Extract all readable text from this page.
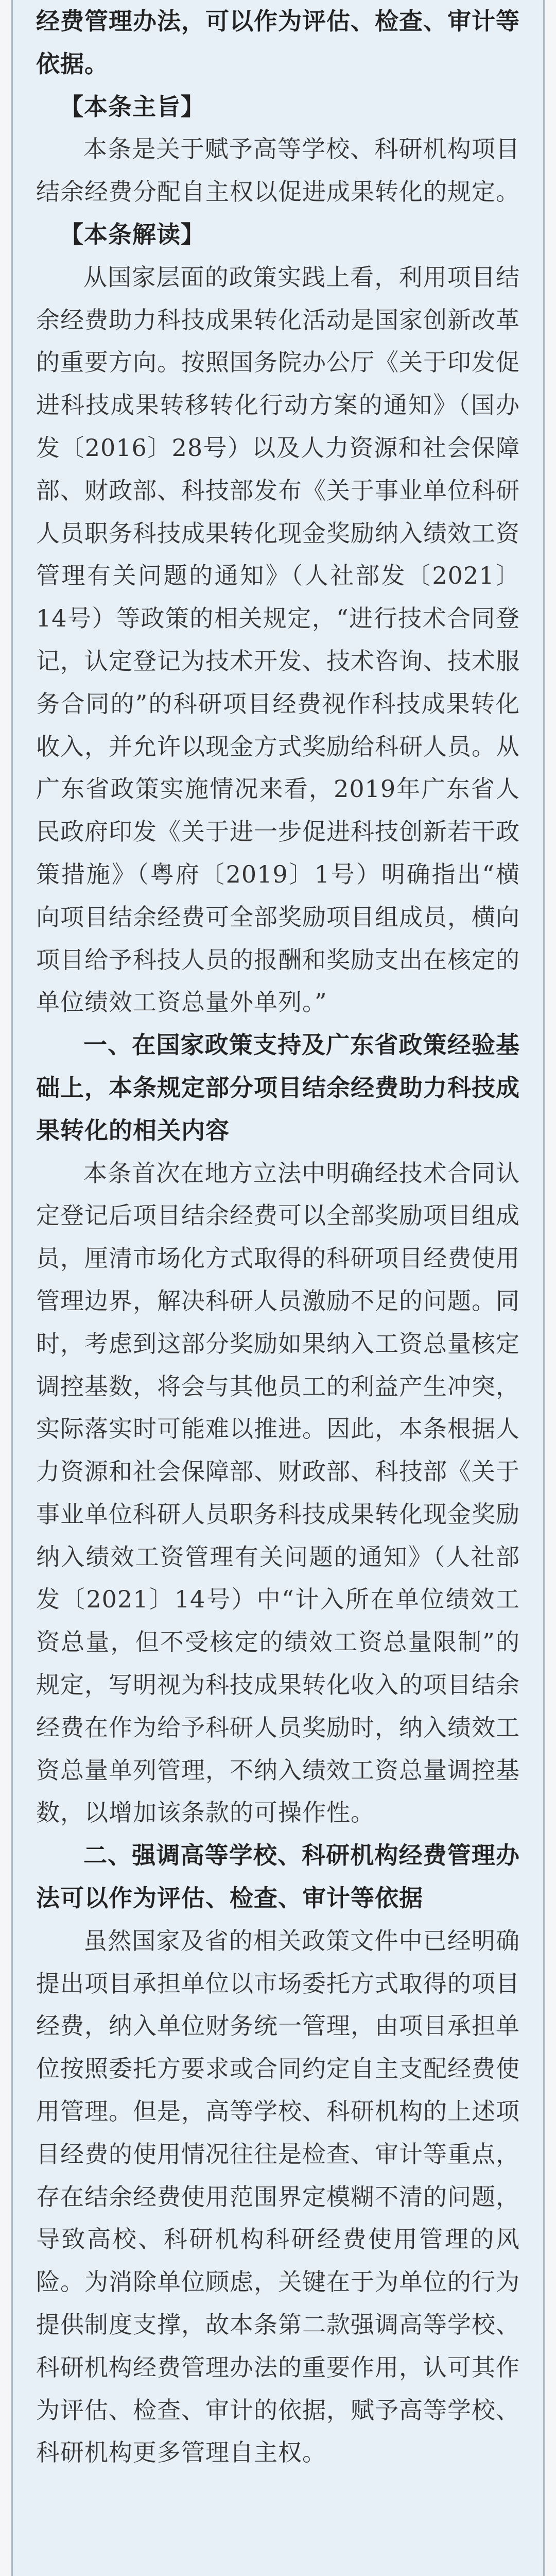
经费管理办法，可以作为评估、检查、审计等依据。

【本条主旨】

本条是关于赋予高等学校、科研机构项目结余经费分配自主权以促进成果转化的规定。

【本条解读】

从国家层面的政策实践上看，利用项目结余经费助力科技成果转化活动是国家创新改革的重要方向。按照国务院办公厅《关于印发促进科技成果转移转化行动方案的通知》（国办发〔2016〕28号）以及人力资源和社会保障部、财政部、科技部发布《关于事业单位科研人员职务科技成果转化现金奖励纳入绩效工资管理有关问题的通知》（人社部发〔2021〕14号）等政策的相关规定，“进行技术合同登记，认定登记为技术开发、技术咨询、技术服务合同的”的科研项目经费视作科技成果转化收入，并允许以现金方式奖励给科研人员。从广东省政策实施情况来看，2019年广东省人民政府印发《关于进一步促进科技创新若干政策措施》（粤府〔2019〕1号）明确指出“横向项目结余经费可全部奖励项目组成员，横向项目给予科技人员的报酬和奖励支出在核定的单位绩效工资总量外单列。”

一、在国家政策支持及广东省政策经验基础上，本条规定部分项目结余经费助力科技成果转化的相关内容

本条首次在地方立法中明确经技术合同认定登记后项目结余经费可以全部奖励项目组成员，厘清市场化方式取得的科研项目经费使用管理边界，解决科研人员激励不足的问题。同时，考虑到这部分奖励如果纳入工资总量核定调控基数，将会与其他员工的利益产生冲突，实际落实时可能难以推进。因此，本条根据人力资源和社会保障部、财政部、科技部《关于事业单位科研人员职务科技成果转化现金奖励纳入绩效工资管理有关问题的通知》（人社部发〔2021〕14号）中“计入所在单位绩效工资总量，但不受核定的绩效工资总量限制”的规定，写明视为科技成果转化收入的项目结余经费在作为给予科研人员奖励时，纳入绩效工资总量单列管理，不纳入绩效工资总量调控基数，以增加该条款的可操作性。

二、强调高等学校、科研机构经费管理办法可以作为评估、检查、审计等依据

虽然国家及省的相关政策文件中已经明确提出项目承担单位以市场委托方式取得的项目经费，纳入单位财务统一管理，由项目承担单位按照委托方要求或合同约定自主支配经费使用管理。但是，高等学校、科研机构的上述项目经费的使用情况往往是检查、审计等重点，存在结余经费使用范围界定模糊不清的问题，导致高校、科研机构科研经费使用管理的风险。为消除单位顾虑，关键在于为单位的行为提供制度支撑，故本条第二款强调高等学校、科研机构经费管理办法的重要作用，认可其作为评估、检查、审计的依据，赋予高等学校、科研机构更多管理自主权。
